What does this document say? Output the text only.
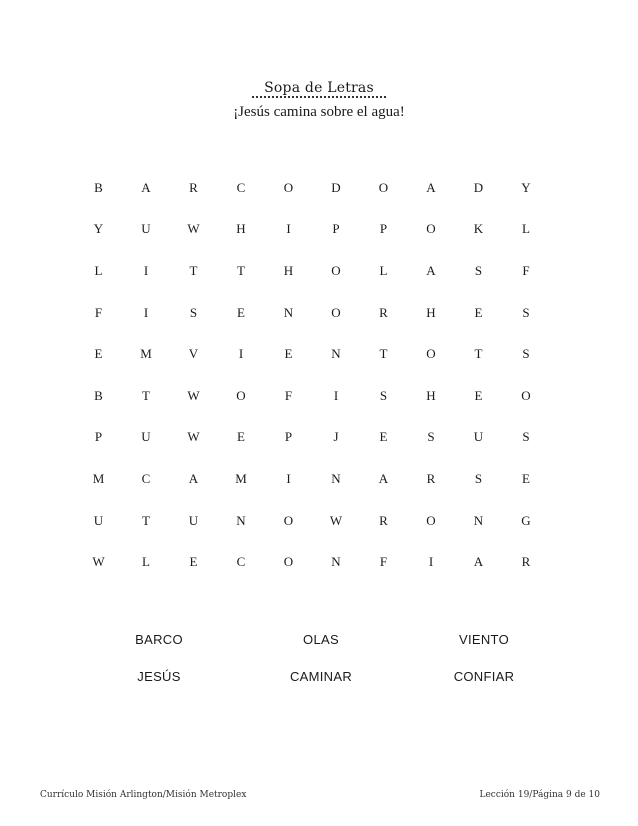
Sopa de Letras
¡Jesús camina sobre el agua!
B	A	R	C	O	D	O	A	D	Y
Y	U	W	H	I	P	P	O	K	L
L	I	T	T	H	O	L	A	S	F
F	I	S	E	N	O	R	H	E	S
E	M	V	I	E	N	T	O	T	S
B	T	W	O	F	I	S	H	E	O
P	U	W	E	P	J	E	S	U	S
M	C	A	M	I	N	A	R	S	E
U	T	U	N	O	W	R	O	N	G
W	L	E	C	O	N	F	I	A	R
BARCO	OLAS	VIENTO
JESÚS	CAMINAR	CONFIAR
Currículo Misión Arlington/Misión Metroplex	Lección 19/Página 9 de 10
